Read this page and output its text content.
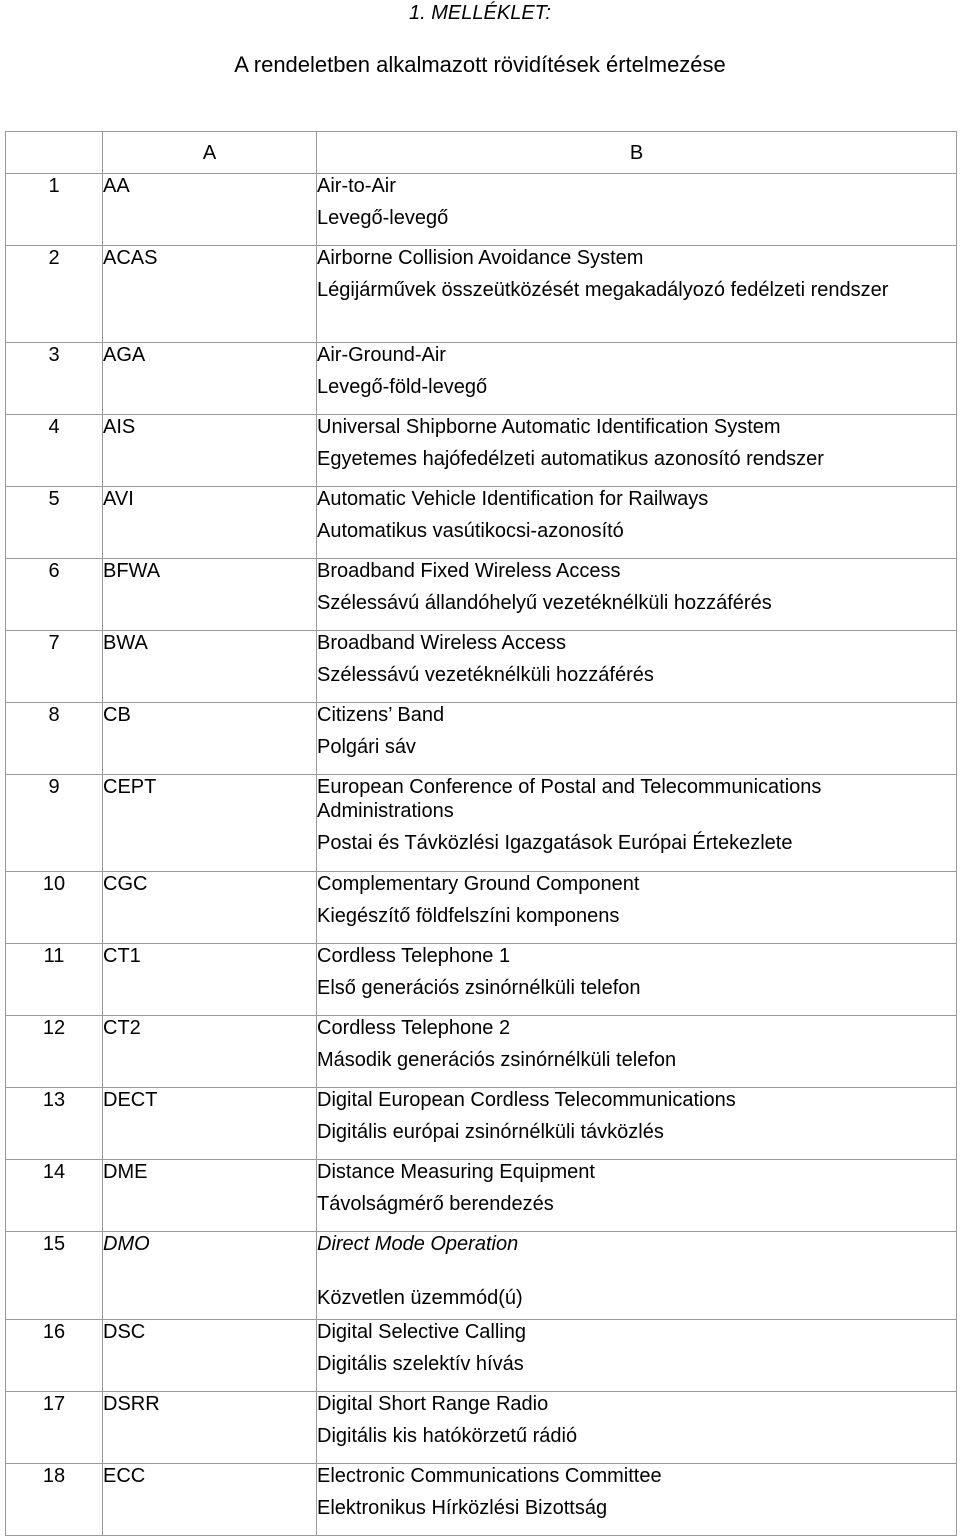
1. MELLÉKLET:
A rendeletben alkalmazott rövidítések értelmezése
	A	B
1	AA	Air-to-Air
Levegő-levegő

2	ACAS	Airborne Collision Avoidance System
Légijárművek összeütközését megakadályozó fedélzeti rendszer

3	AGA	Air-Ground-Air
Levegő-föld-levegő

4	AIS	Universal Shipborne Automatic Identification System
Egyetemes hajófedélzeti automatikus azonosító rendszer

5	AVI	Automatic Vehicle Identification for Railways
Automatikus vasútikocsi-azonosító

6	BFWA	Broadband Fixed Wireless Access
Szélessávú állandóhelyű vezetéknélküli hozzáférés

7	BWA	Broadband Wireless Access
Szélessávú vezetéknélküli hozzáférés

8	CB	Citizens’ Band
Polgári sáv

9	CEPT	European Conference of Postal and Telecommunications Administrations
Postai és Távközlési Igazgatások Európai Értekezlete

10	CGC	Complementary Ground Component
Kiegészítő földfelszíni komponens

11	CT1	Cordless Telephone 1
Első generációs zsinórnélküli telefon

12	CT2	Cordless Telephone 2
Második generációs zsinórnélküli telefon

13	DECT	Digital European Cordless Telecommunications
Digitális európai zsinórnélküli távközlés

14	DME	Distance Measuring Equipment
Távolságmérő berendezés

15	DMO	Direct Mode Operation
Közvetlen üzemmód(ú)

16	DSC	Digital Selective Calling
Digitális szelektív hívás

17	DSRR	Digital Short Range Radio
Digitális kis hatókörzetű rádió

18	ECC	Electronic Communications Committee
Elektronikus Hírközlési Bizottság
